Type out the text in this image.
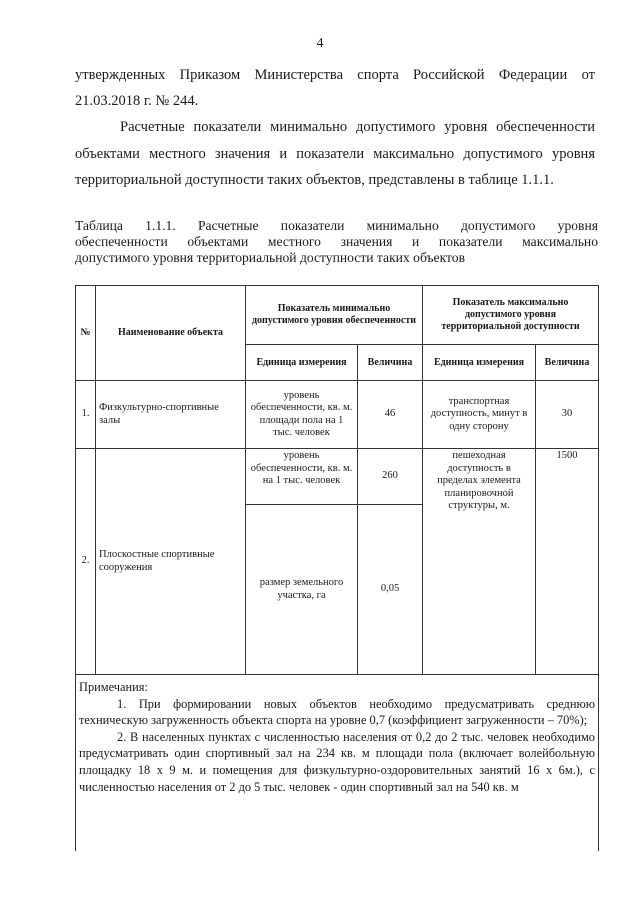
4
утвержденных Приказом Министерства спорта Российской Федерации от
21.03.2018 г. № 244.
Расчетные показатели минимально допустимого уровня обеспеченности
объектами местного значения и показатели максимально допустимого уровня
территориальной доступности таких объектов, представлены в таблице 1.1.1.
Таблица 1.1.1. Расчетные показатели минимально допустимого уровня
обеспеченности объектами местного значения и показатели максимально
допустимого уровня территориальной доступности таких объектов
№	Наименование объекта	Показатель минимально допустимого уровня обеспеченности		Показатель максимально допустимого уровня территориальной доступности	
		Единица измерения	Величина	Единица измерения	Величина
1.	Физкультурно-спортивные залы	уровень обеспеченности, кв. м. площади пола на 1 тыс. человек	46	транспортная доступность, минут в одну сторону	30
2.	Плоскостные спортивные сооружения	уровень обеспеченности, кв. м. на 1 тыс. человек	260	пешеходная доступность в пределах элемента планировочной структуры, м.	1500
		размер земельного участка, га	0,05		

Примечания:
1. При формировании новых объектов необходимо предусматривать среднюю техническую загруженность объекта спорта на уровне 0,7 (коэффициент загруженности – 70%);
2. В населенных пунктах с численностью населения от 0,2 до 2 тыс. человек необходимо предусматривать один спортивный зал на 234 кв. м площади пола (включает волейбольную площадку 18 х 9 м. и помещения для физкультурно-оздоровительных занятий 16 х 6м.), с численностью населения от 2 до 5 тыс. человек - один спортивный зал на 540 кв. м					
